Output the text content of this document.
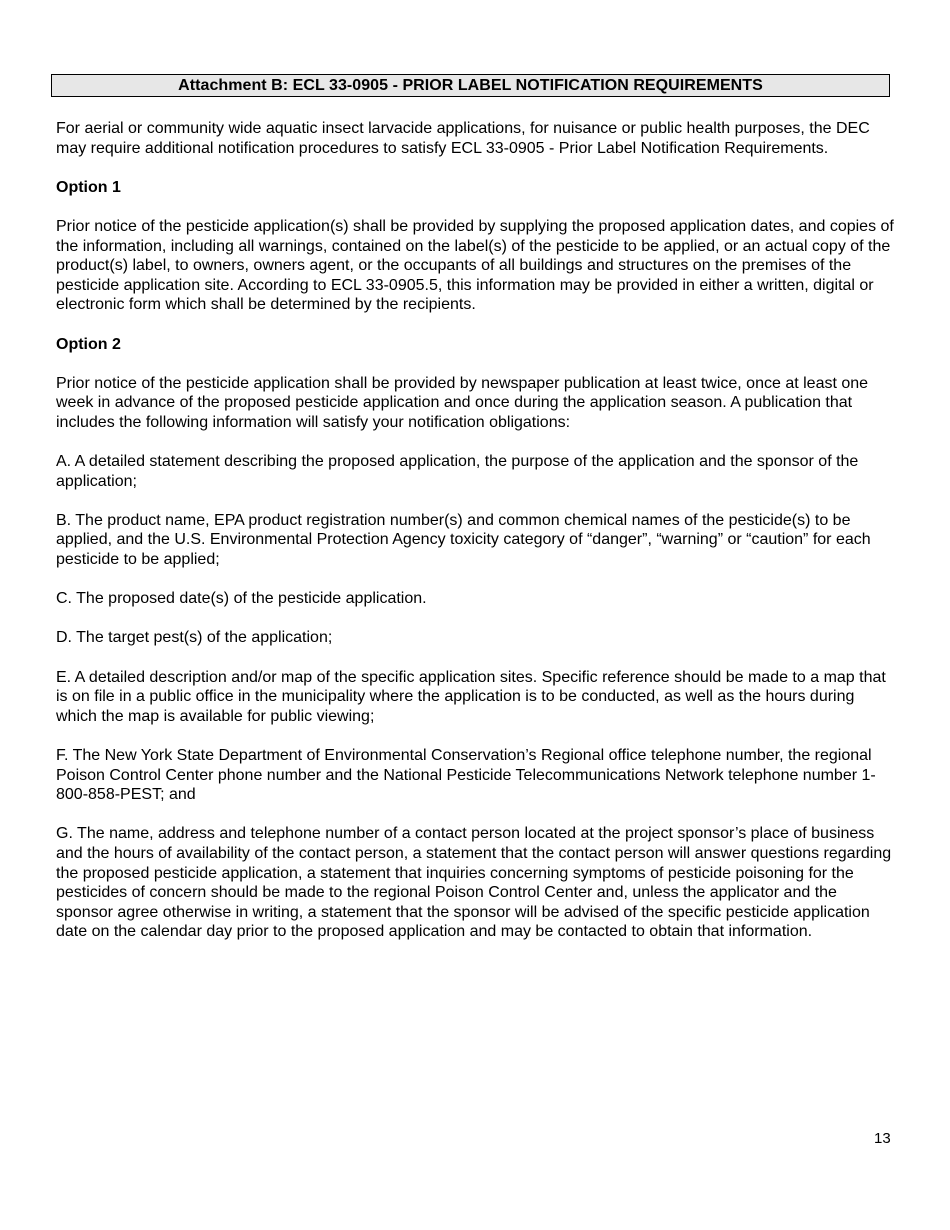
Attachment B: ECL 33-0905 - PRIOR LABEL NOTIFICATION REQUIREMENTS

For aerial or community wide aquatic insect larvacide applications, for nuisance or public health purposes, the DEC may require additional notification procedures to satisfy ECL 33-0905 - Prior Label Notification Requirements.

Option 1

Prior notice of the pesticide application(s) shall be provided by supplying the proposed application dates, and copies of the information, including all warnings, contained on the label(s) of the pesticide to be applied, or an actual copy of the product(s) label, to owners, owners agent, or the occupants of all buildings and structures on the premises of the pesticide application site. According to ECL 33-0905.5, this information may be provided in either a written, digital or electronic form which shall be determined by the recipients.

Option 2

Prior notice of the pesticide application shall be provided by newspaper publication at least twice, once at least one week in advance of the proposed pesticide application and once during the application season. A publication that includes the following information will satisfy your notification obligations:

A. A detailed statement describing the proposed application, the purpose of the application and the sponsor of the application;

B. The product name, EPA product registration number(s) and common chemical names of the pesticide(s) to be applied, and the U.S. Environmental Protection Agency toxicity category of “danger”, “warning” or “caution” for each pesticide to be applied;

C. The proposed date(s) of the pesticide application.

D. The target pest(s) of the application;

E. A detailed description and/or map of the specific application sites. Specific reference should be made to a map that is on file in a public office in the municipality where the application is to be conducted, as well as the hours during which the map is available for public viewing;

F. The New York State Department of Environmental Conservation’s Regional office telephone number, the regional Poison Control Center phone number and the National Pesticide Telecommunications Network telephone number 1-800-858-PEST; and

G. The name, address and telephone number of a contact person located at the project sponsor’s place of business and the hours of availability of the contact person, a statement that the contact person will answer questions regarding the proposed pesticide application, a statement that inquiries concerning symptoms of pesticide poisoning for the pesticides of concern should be made to the regional Poison Control Center and, unless the applicator and the sponsor agree otherwise in writing, a statement that the sponsor will be advised of the specific pesticide application date on the calendar day prior to the proposed application and may be contacted to obtain that information.

13
